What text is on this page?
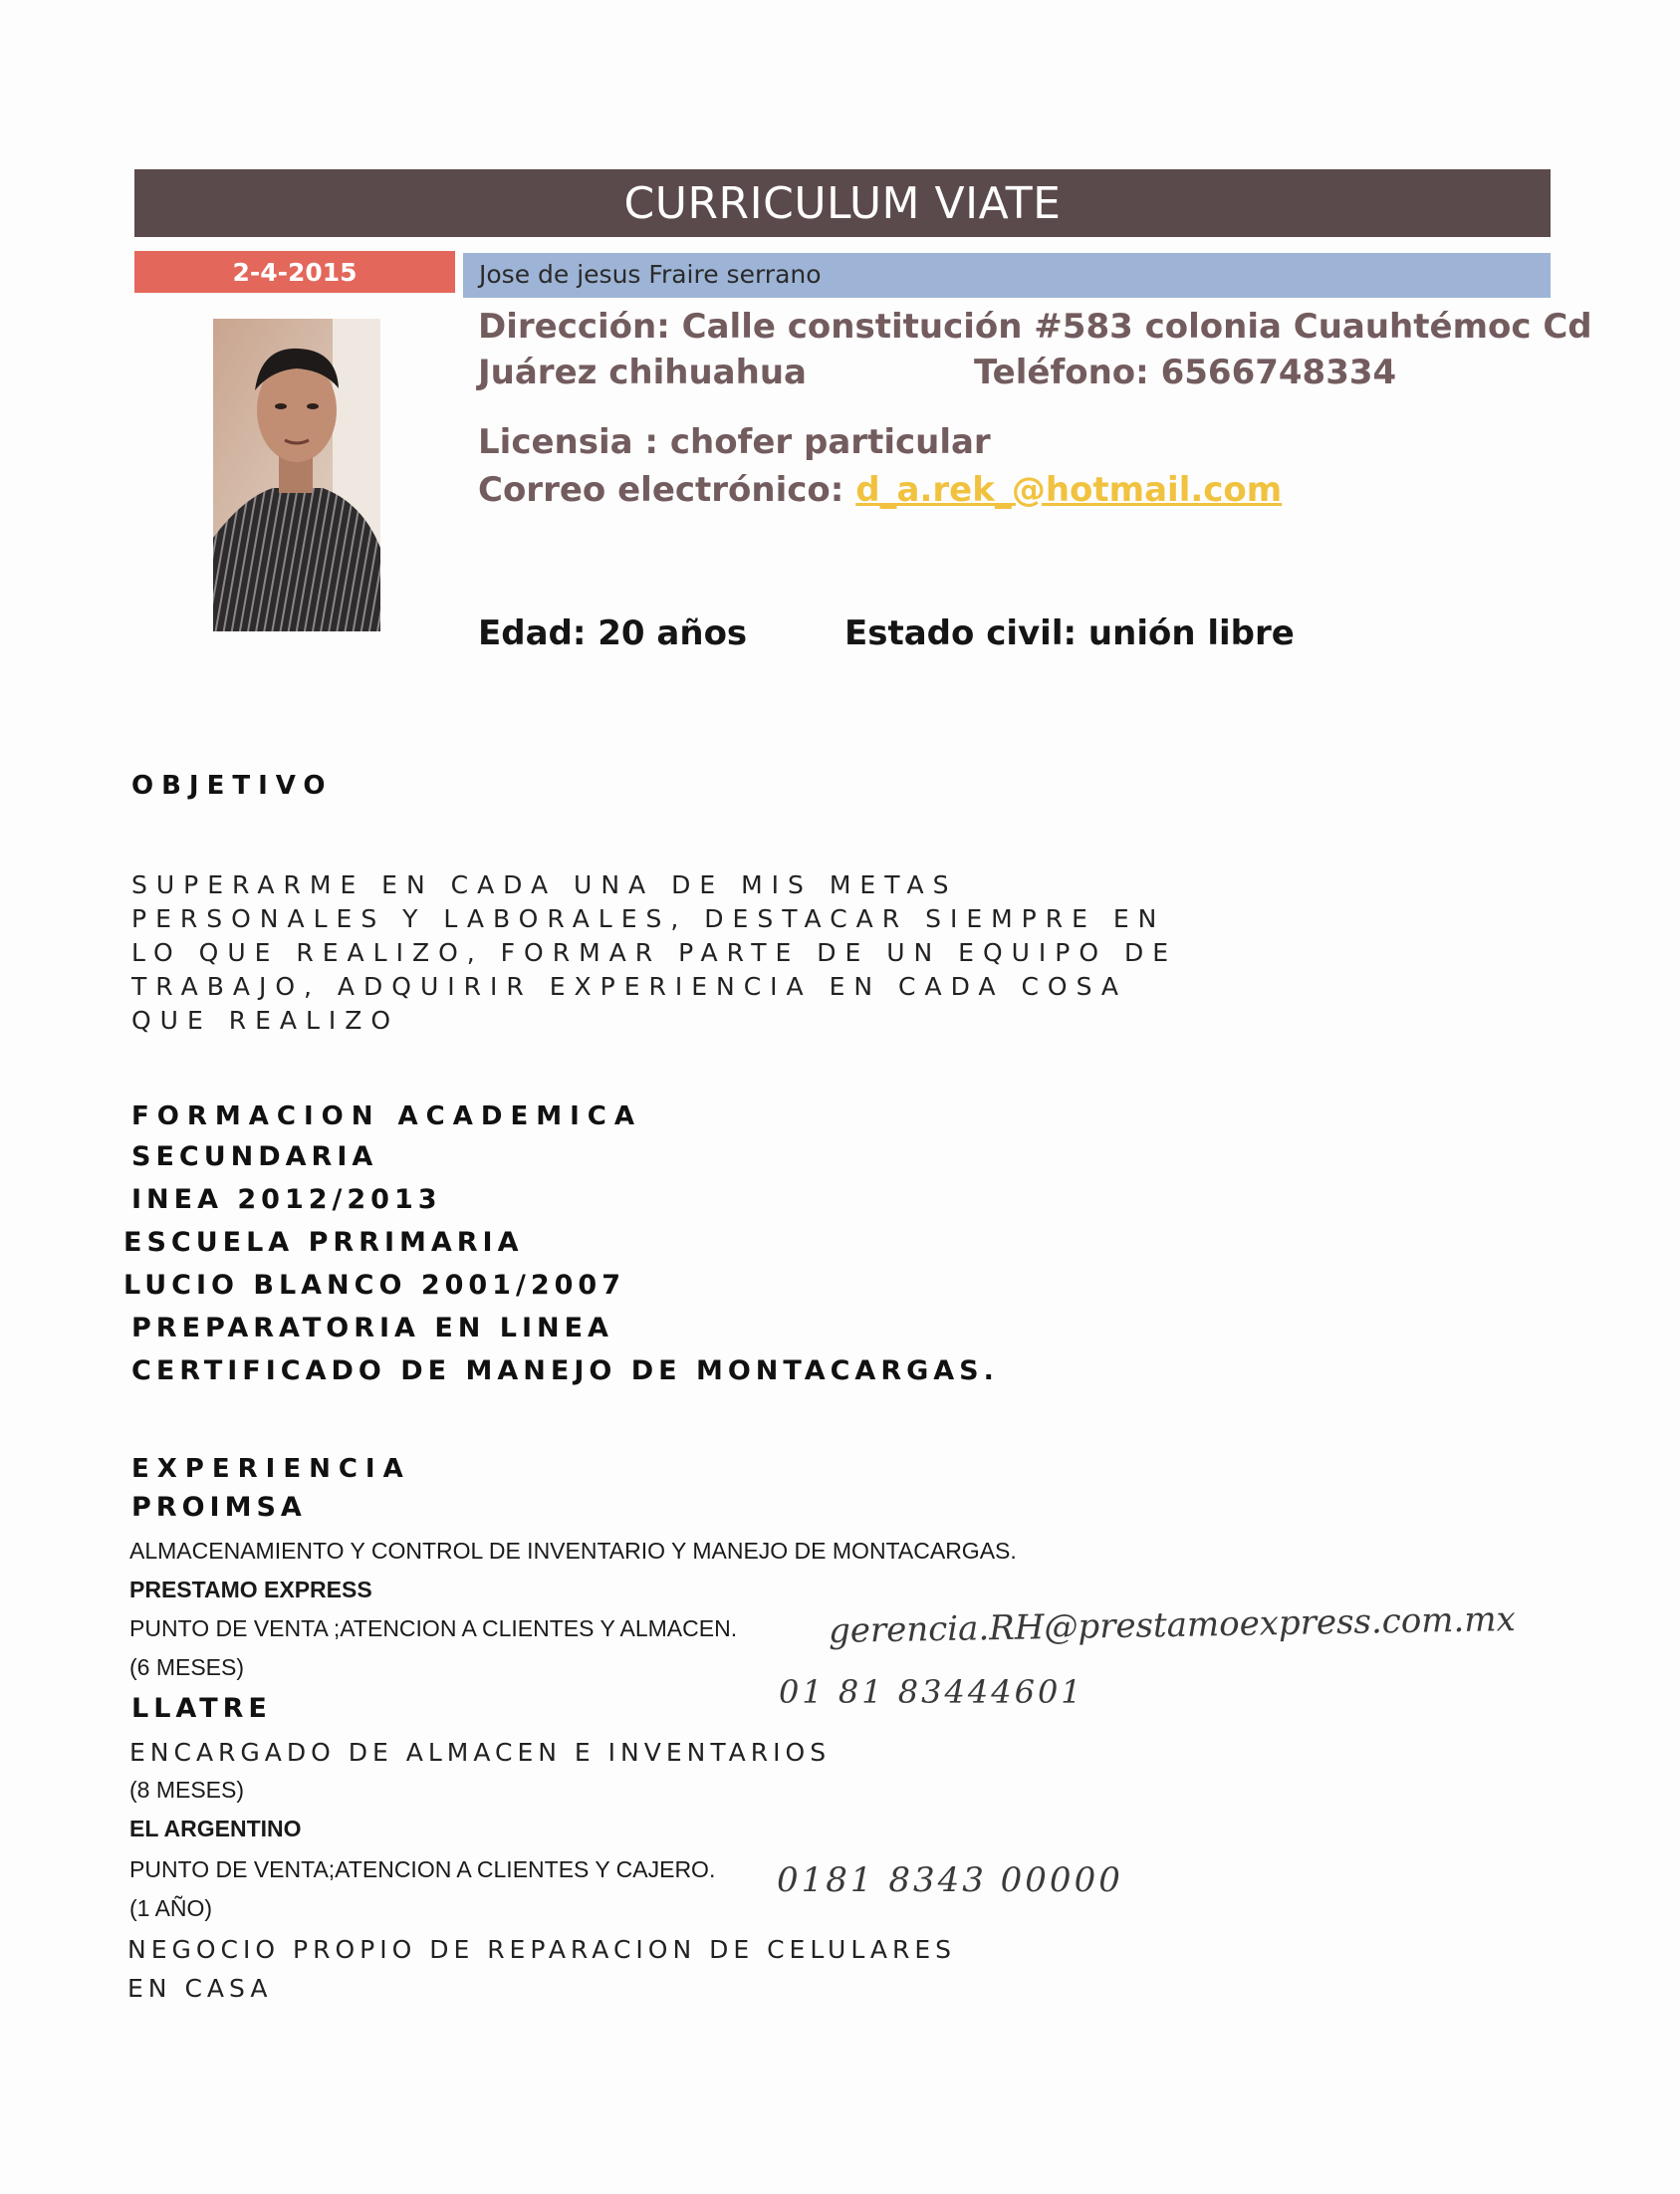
CURRICULUM VIATE
2-4-2015	Jose de jesus Fraire serrano
Dirección: Calle constitución #583 colonia Cuauhtémoc Cd
Juárez chihuahua	Teléfono: 6566748334
Licensia : chofer particular
Correo electrónico: d_a.rek_@hotmail.com
Edad: 20 años	Estado civil: unión libre
OBJETIVO
SUPERARME EN CADA UNA DE MIS METAS
PERSONALES Y LABORALES, DESTACAR SIEMPRE EN
LO QUE REALIZO, FORMAR PARTE DE UN EQUIPO DE
TRABAJO, ADQUIRIR EXPERIENCIA EN CADA COSA
QUE REALIZO
FORMACION ACADEMICA
SECUNDARIA
INEA 2012/2013
ESCUELA PRRIMARIA
LUCIO BLANCO 2001/2007
PREPARATORIA EN LINEA
CERTIFICADO DE MANEJO DE MONTACARGAS.
EXPERIENCIA
PROIMSA
ALMACENAMIENTO Y CONTROL DE INVENTARIO Y MANEJO DE MONTACARGAS.
PRESTAMO EXPRESS
PUNTO DE VENTA ;ATENCION A CLIENTES Y ALMACEN.
(6 MESES)
LLATRE
ENCARGADO DE ALMACEN E INVENTARIOS
(8 MESES)
EL ARGENTINO
PUNTO DE VENTA;ATENCION A CLIENTES Y CAJERO.
(1 AÑO)
NEGOCIO PROPIO DE REPARACION DE CELULARES
EN CASA
gerencia.RH@prestamoexpress.com.mx
01 81 83444601
0181 8343 00000
